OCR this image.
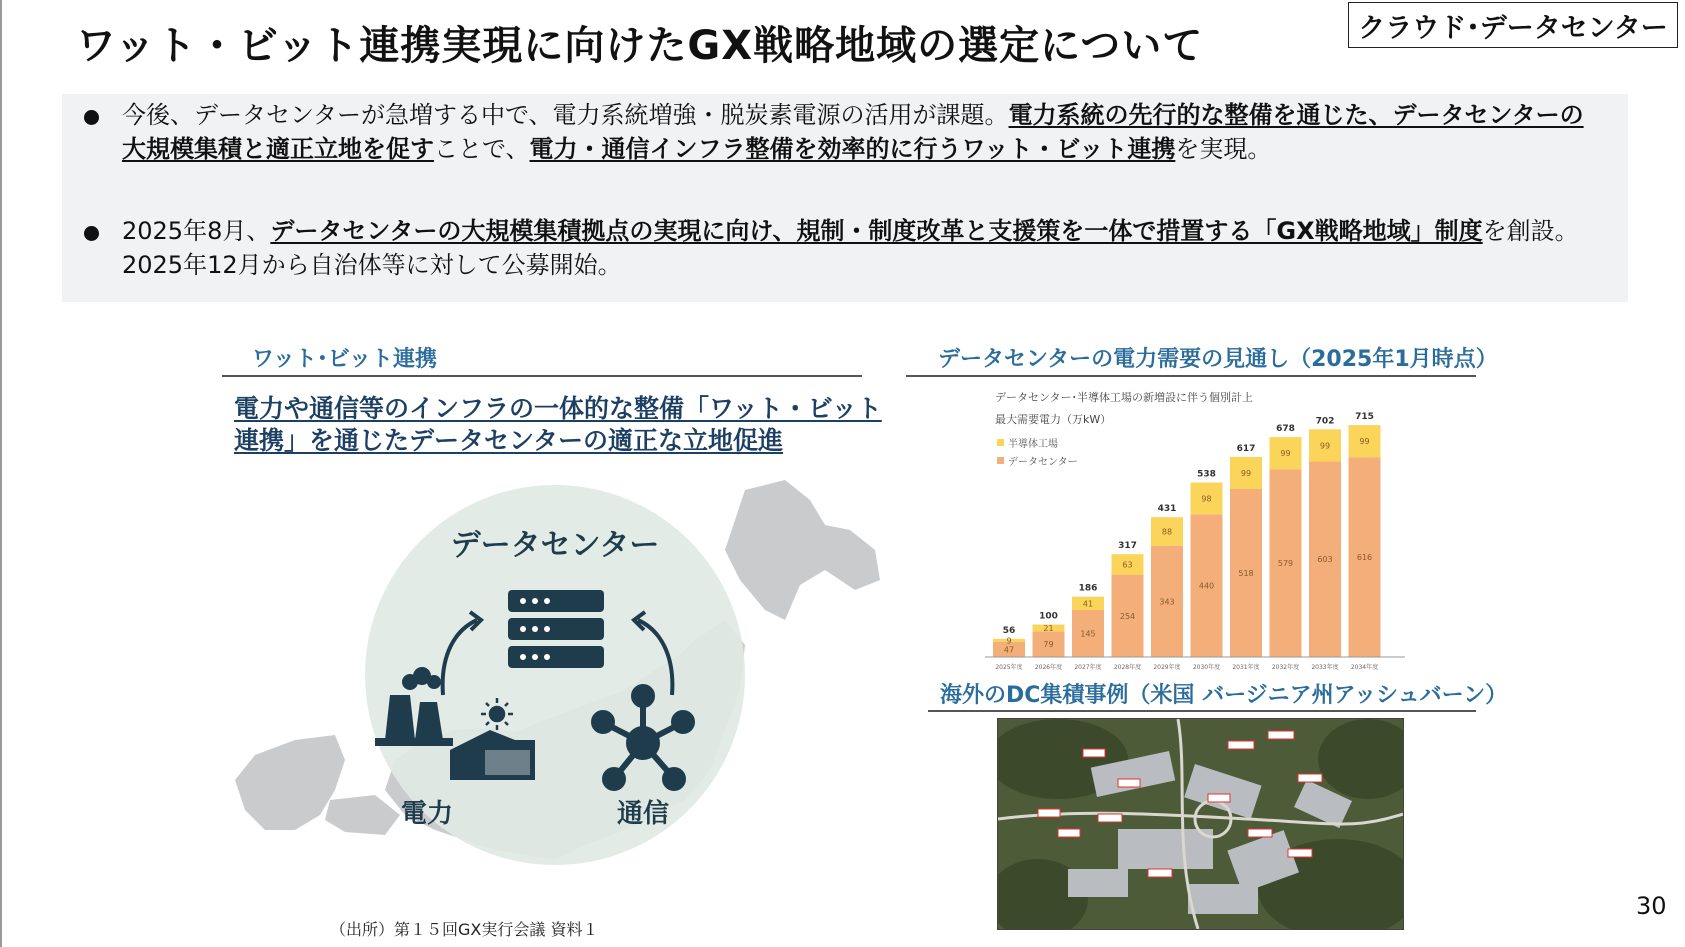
ワット・ビット連携実現に向けたGX戦略地域の選定について	クラウド･データセンター
今後、データセンターが急増する中で、電力系統増強・脱炭素電源の活用が課題。電力系統の先行的な整備を通じた、データセンターの大規模集積と適正立地を促すことで、電力・通信インフラ整備を効率的に行うワット・ビット連携を実現。
2025年8月、データセンターの大規模集積拠点の実現に向け、規制・制度改革と支援策を一体で措置する「GX戦略地域」制度を創設。2025年12月から自治体等に対して公募開始。
ワット･ビット連携
電力や通信等のインフラの一体的な整備「ワット・ビット
連携」を通じたデータセンターの適正な立地促進
データセンター
電力	通信
（出所）第１５回GX実行会議 資料１
データセンターの電力需要の見通し（2025年1月時点）
データセンター･半導体工場の新増設に伴う個別計上
最大需要電力（万kW）
半導体工場
データセンター
47
9
56
2025年度
79
21
100
2026年度
145
41
186
2027年度
254
63
317
2028年度
343
88
431
2029年度
440
98
538
2030年度
518
99
617
2031年度
579
99
678
2032年度
603
99
702
2033年度
616
99
715
2034年度
海外のDC集積事例（米国 バージニア州アッシュバーン）
30
